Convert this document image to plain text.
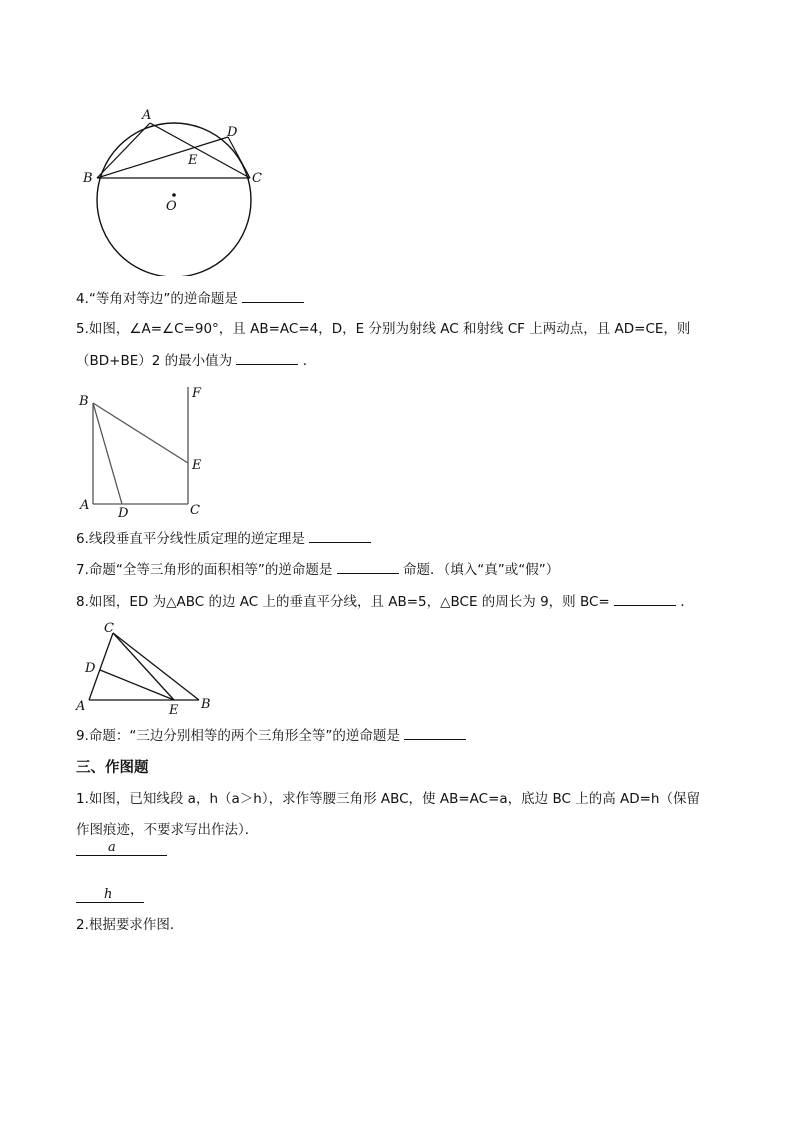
A
B	C
D
E
O
4.“等角对等边”的逆命题是
5.如图，∠A=∠C=90°，且 AB=AC=4，D，E 分别为射线 AC 和射线 CF 上两动点，且 AD=CE，则
（BD+BE）2 的最小值为	．
B
A
D	C
E
F
6.线段垂直平分线性质定理的逆定理是
7.命题“全等三角形的面积相等”的逆命题是	命题．（填入“真”或“假”）
8.如图，ED 为△ABC 的边 AC 上的垂直平分线，且 AB=5，△BCE 的周长为 9，则 BC=	．
C
D
A	E B
9.命题：“三边分别相等的两个三角形全等”的逆命题是
三、作图题
1.如图，已知线段 a，h（a＞h），求作等腰三角形 ABC，使 AB=AC=a，底边 BC 上的高 AD=h（保留
作图痕迹，不要求写出作法）．
a
h
2.根据要求作图．
